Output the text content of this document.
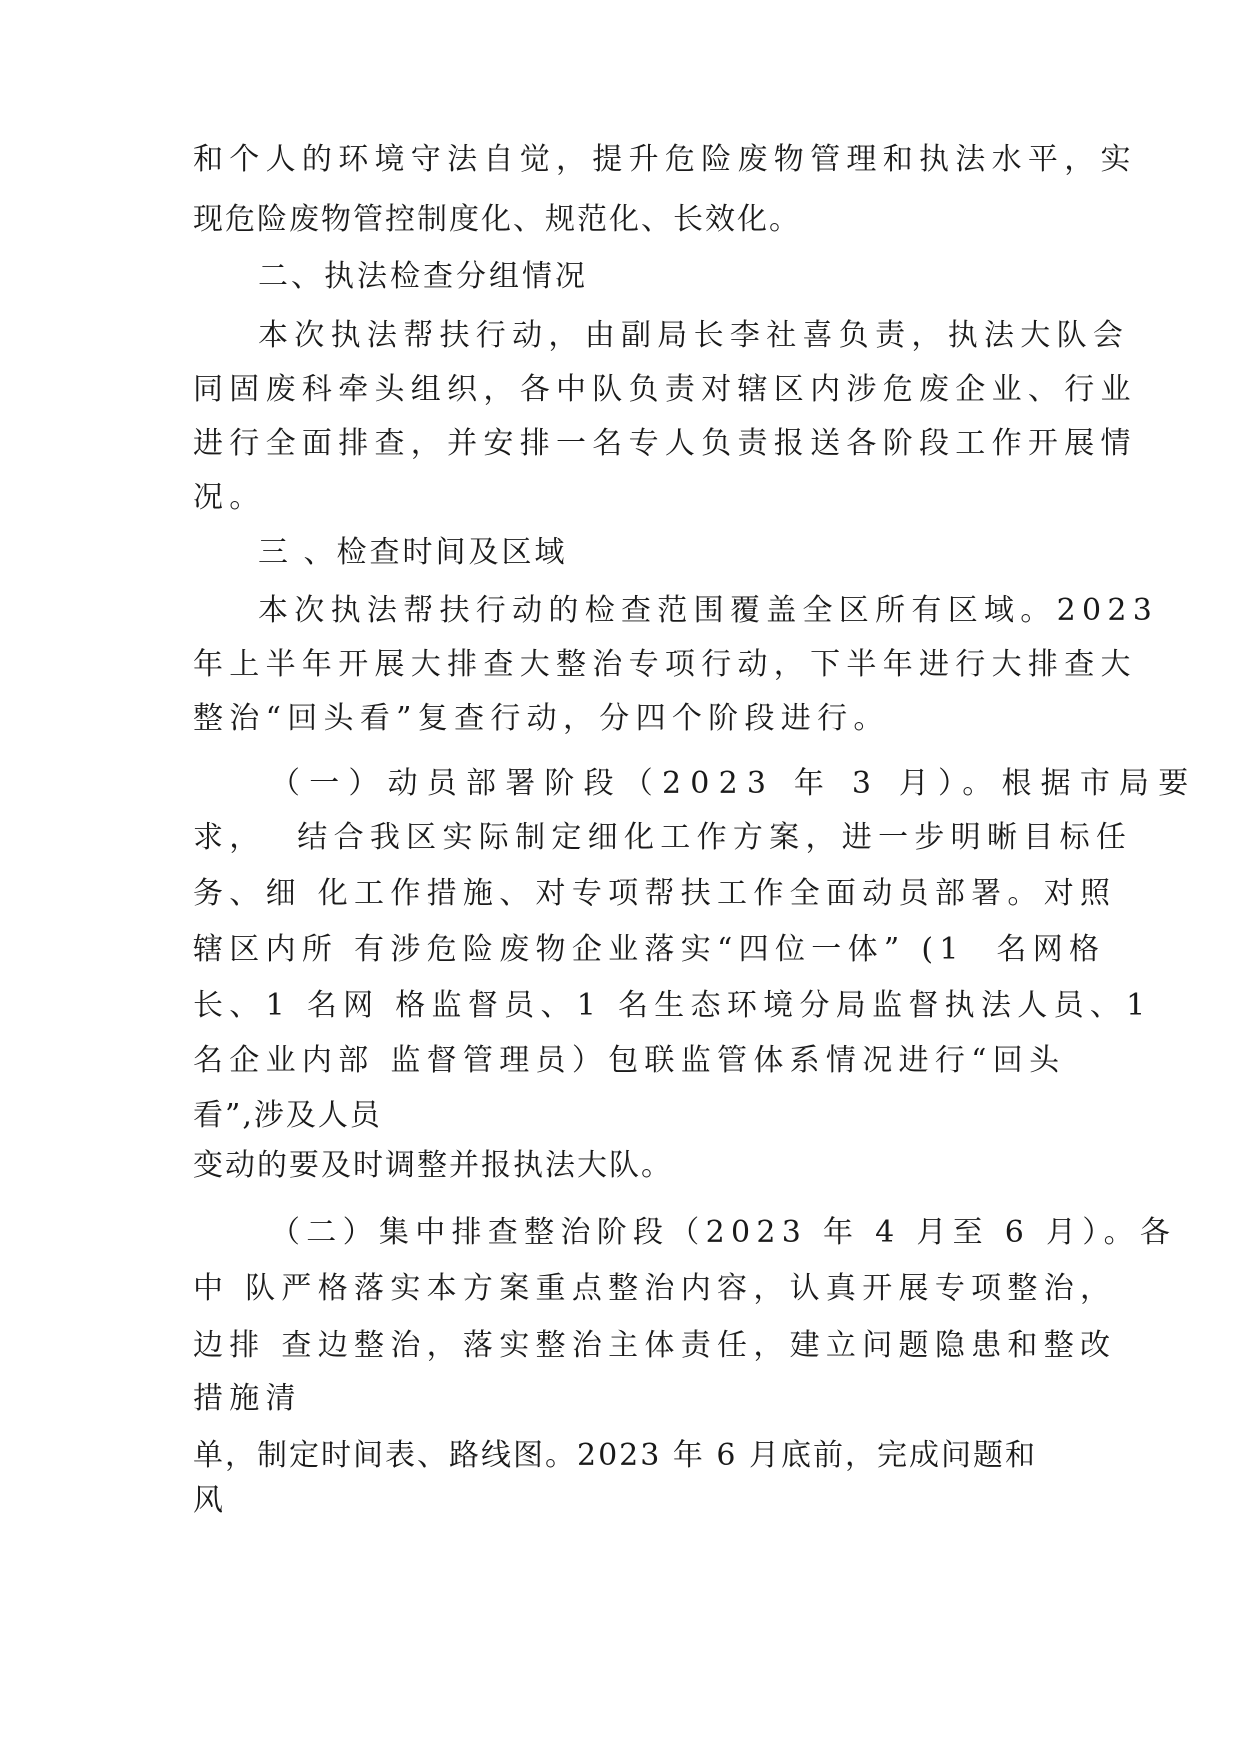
和个人的环境守法自觉，提升危险废物管理和执法水平，实
现危险废物管控制度化、规范化、长效化。
二、执法检查分组情况
本次执法帮扶行动，由副局长李社喜负责，执法大队会
同固废科牵头组织，各中队负责对辖区内涉危废企业、行业
进行全面排查，并安排一名专人负责报送各阶段工作开展情
况。
三 、检查时间及区域
本次执法帮扶行动的检查范围覆盖全区所有区域。2023
年上半年开展大排查大整治专项行动，下半年进行大排查大
整治“回头看”复查行动，分四个阶段进行。
（一）动员部署阶段（2023 年 3 月）。根据市局要
求，  结合我区实际制定细化工作方案，进一步明晰目标任
务、细 化工作措施、对专项帮扶工作全面动员部署。对照
辖区内所 有涉危险废物企业落实“四位一体” (1  名网格
长、1 名网 格监督员、1 名生态环境分局监督执法人员、1
名企业内部 监督管理员）包联监管体系情况进行“回头
看”,涉及人员
变动的要及时调整并报执法大队。
（二）集中排查整治阶段（2023 年 4 月至 6 月）。各
中 队严格落实本方案重点整治内容，认真开展专项整治，
边排 查边整治，落实整治主体责任，建立问题隐患和整改
措施清
单，制定时间表、路线图。2023 年 6 月底前，完成问题和
风
